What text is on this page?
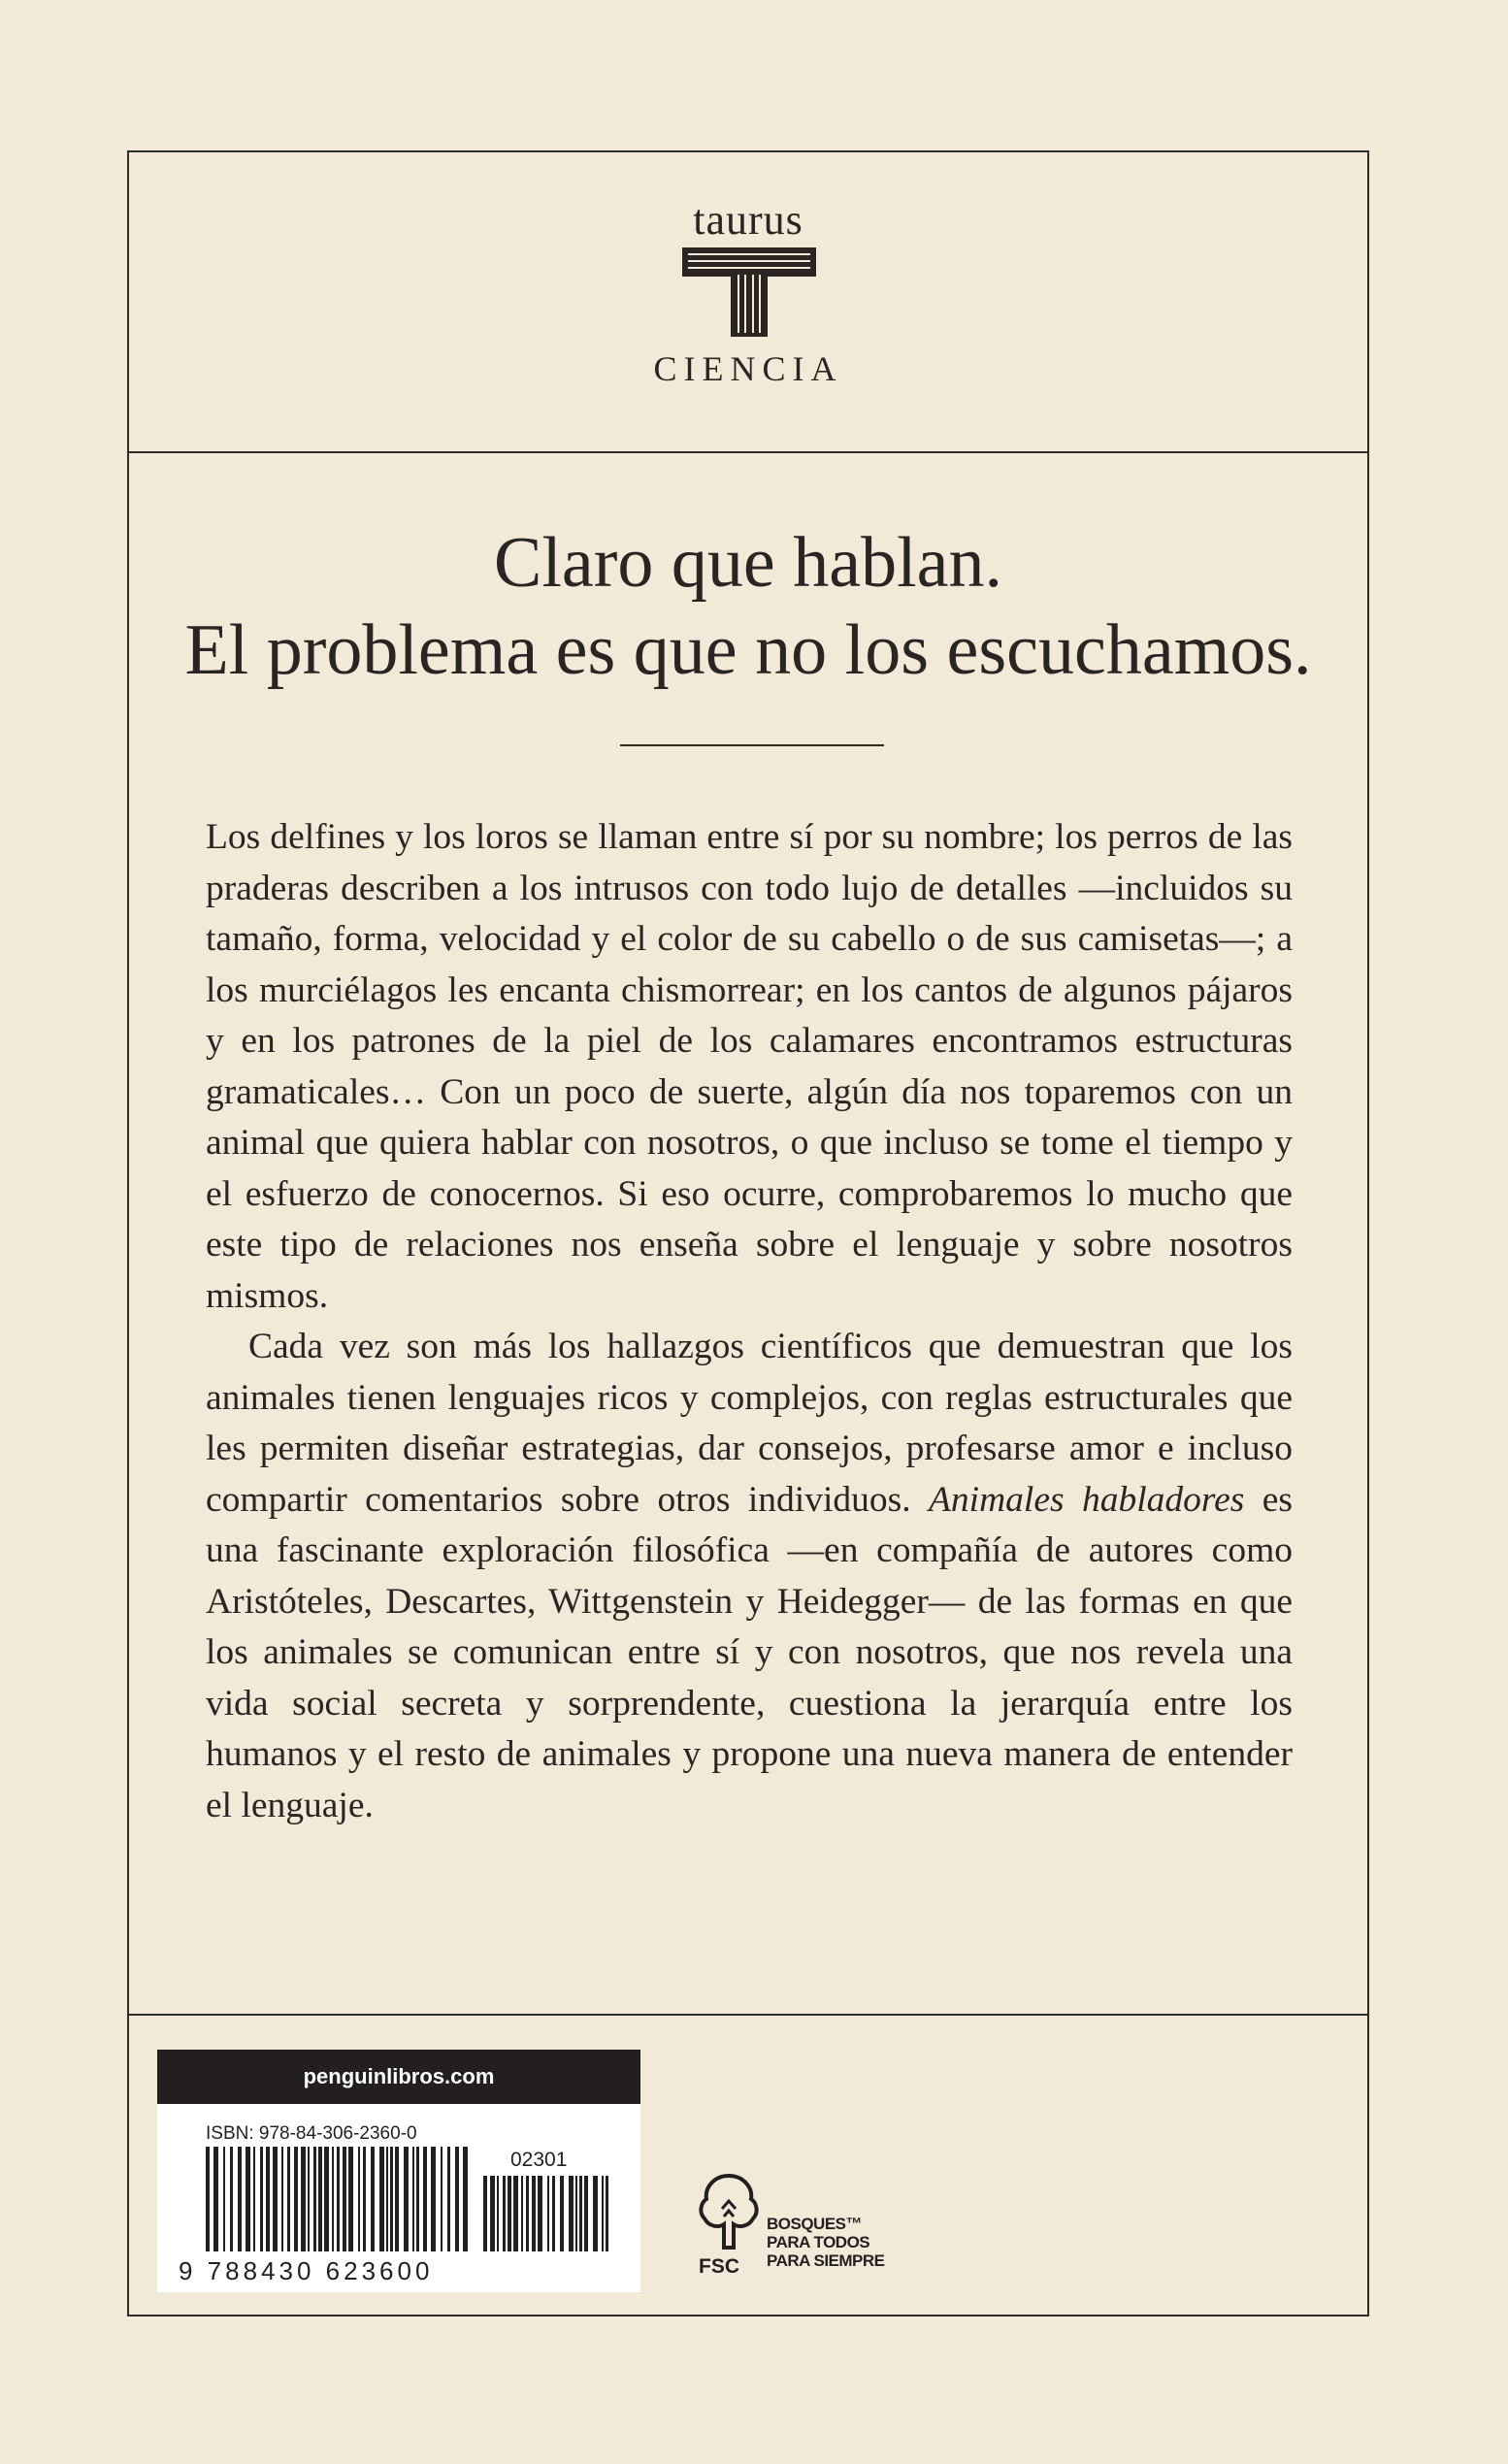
taurus
CIENCIA
Claro que hablan.
El problema es que no los escuchamos.

Los delfines y los loros se llaman entre sí por su nombre; los perros de las praderas describen a los intrusos con todo lujo de detalles —incluidos su tamaño, forma, velocidad y el color de su cabello o de sus camisetas—; a los murciélagos les encanta chismorrear; en los cantos de algunos pájaros y en los patrones de la piel de los calamares encontramos estructuras gramaticales… Con un poco de suerte, algún día nos toparemos con un animal que quiera hablar con nosotros, o que incluso se tome el tiempo y el esfuerzo de conocernos. Si eso ocurre, comprobaremos lo mucho que este tipo de relaciones nos enseña sobre el lenguaje y sobre nosotros mismos.

Cada vez son más los hallazgos científicos que demuestran que los animales tienen lenguajes ricos y complejos, con reglas estructurales que les permiten diseñar estrategias, dar consejos, profesarse amor e incluso compartir comentarios sobre otros individuos. Animales habladores es una fascinante exploración filosófica —en compañía de autores como Aristóteles, Descartes, Wittgenstein y Heidegger— de las formas en que los animales se comunican entre sí y con nosotros, que nos revela una vida social secreta y sorprendente, cuestiona la jerarquía entre los humanos y el resto de animales y propone una nueva manera de entender el lenguaje.

penguinlibros.com
ISBN: 978-84-306-2360-0
02301
9 788430 623600	FSC
BOSQUES™
PARA TODOS
PARA SIEMPRE
